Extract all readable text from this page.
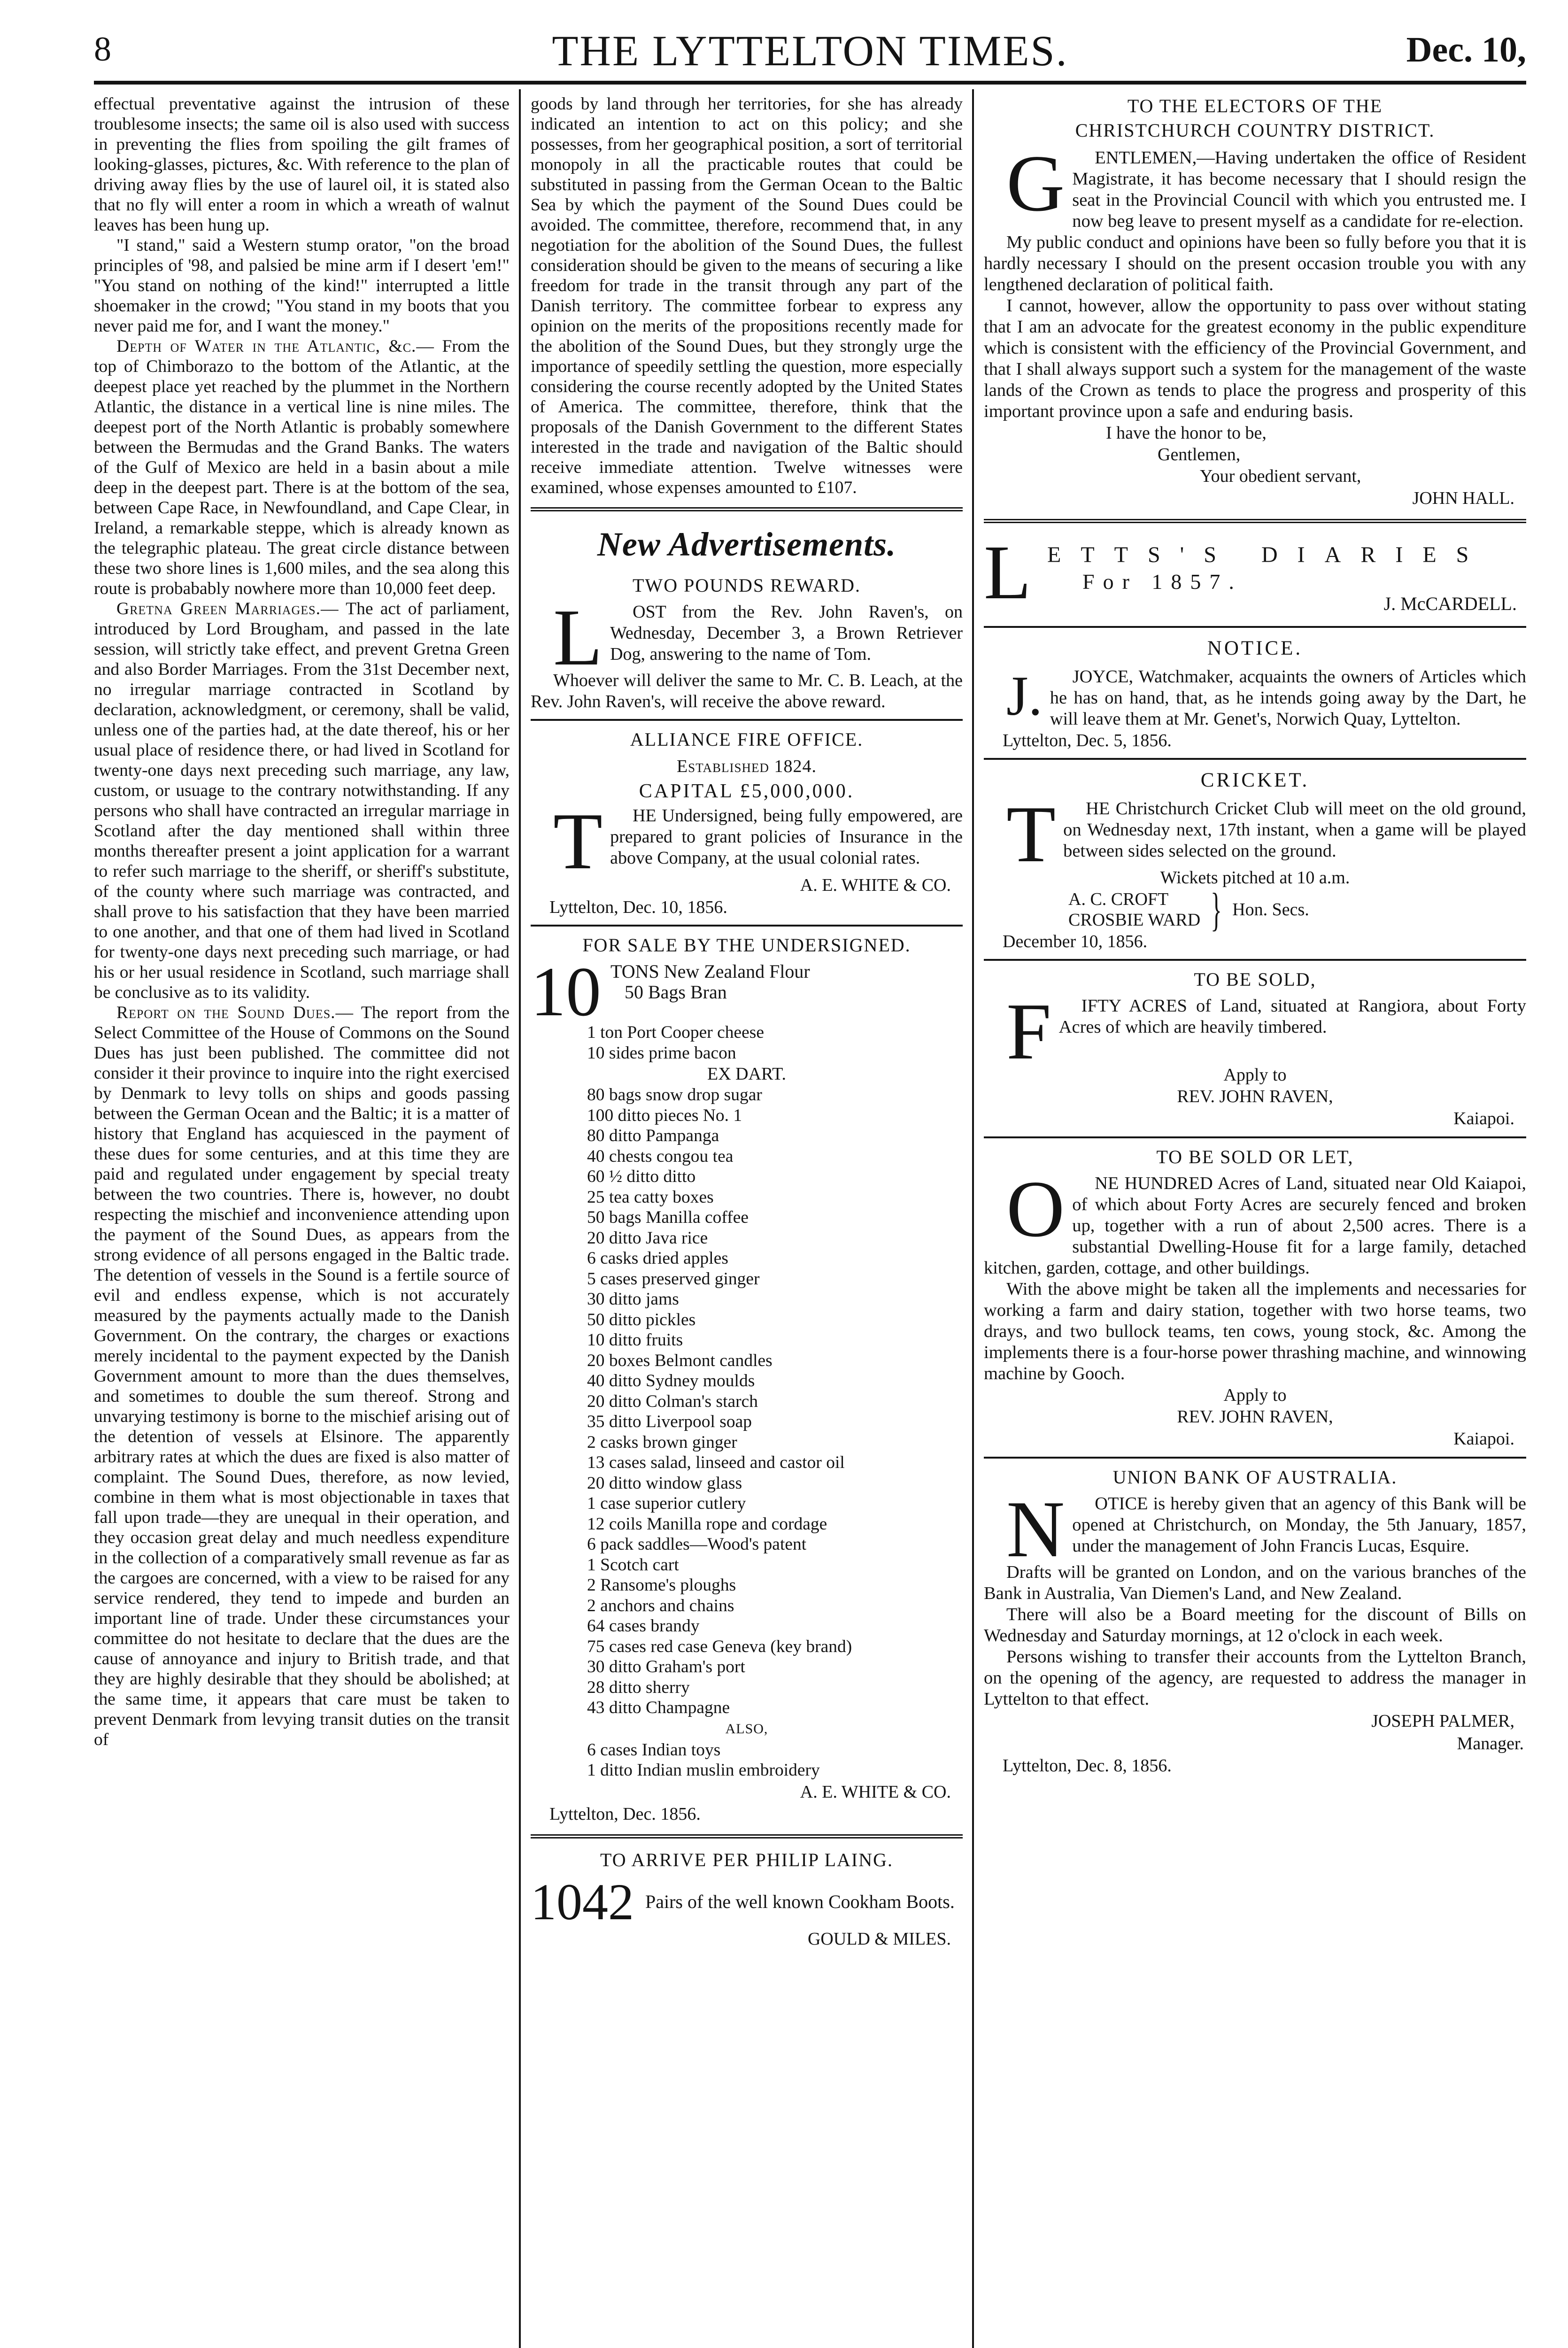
8	THE LYTTELTON TIMES.	Dec. 10,

effectual preventative against the intrusion of these troublesome insects; the same oil is also used with success in preventing the flies from spoiling the gilt frames of looking-glasses, pictures, &c. With reference to the plan of driving away flies by the use of laurel oil, it is stated also that no fly will enter a room in which a wreath of walnut leaves has been hung up.

"I stand," said a Western stump orator, "on the broad principles of '98, and palsied be mine arm if I desert 'em!" "You stand on nothing of the kind!" interrupted a little shoemaker in the crowd; "You stand in my boots that you never paid me for, and I want the money."

Depth of Water in the Atlantic, &c.— From the top of Chimborazo to the bottom of the Atlantic, at the deepest place yet reached by the plummet in the Northern Atlantic, the distance in a vertical line is nine miles. The deepest port of the North Atlantic is probably somewhere between the Bermudas and the Grand Banks. The waters of the Gulf of Mexico are held in a basin about a mile deep in the deepest part. There is at the bottom of the sea, between Cape Race, in Newfoundland, and Cape Clear, in Ireland, a remarkable steppe, which is already known as the telegraphic plateau. The great circle distance between these two shore lines is 1,600 miles, and the sea along this route is probabably nowhere more than 10,000 feet deep.

Gretna Green Marriages.— The act of parliament, introduced by Lord Brougham, and passed in the late session, will strictly take effect, and prevent Gretna Green and also Border Marriages. From the 31st December next, no irregular marriage contracted in Scotland by declaration, acknowledgment, or ceremony, shall be valid, unless one of the parties had, at the date thereof, his or her usual place of residence there, or had lived in Scotland for twenty-one days next preceding such marriage, any law, custom, or usuage to the contrary notwithstanding. If any persons who shall have contracted an irregular marriage in Scotland after the day mentioned shall within three months thereafter present a joint application for a warrant to refer such marriage to the sheriff, or sheriff's substitute, of the county where such marriage was contracted, and shall prove to his satisfaction that they have been married to one another, and that one of them had lived in Scotland for twenty-one days next preceding such marriage, or had his or her usual residence in Scotland, such marriage shall be conclusive as to its validity.

Report on the Sound Dues.— The report from the Select Committee of the House of Commons on the Sound Dues has just been published. The committee did not consider it their province to inquire into the right exercised by Denmark to levy tolls on ships and goods passing between the German Ocean and the Baltic; it is a matter of history that England has acquiesced in the payment of these dues for some centuries, and at this time they are paid and regulated under engagement by special treaty between the two countries. There is, however, no doubt respecting the mischief and inconvenience attending upon the payment of the Sound Dues, as appears from the strong evidence of all persons engaged in the Baltic trade. The detention of vessels in the Sound is a fertile source of evil and endless expense, which is not accurately measured by the payments actually made to the Danish Government. On the contrary, the charges or exactions merely incidental to the payment expected by the Danish Government amount to more than the dues themselves, and sometimes to double the sum thereof. Strong and unvarying testimony is borne to the mischief arising out of the detention of vessels at Elsinore. The apparently arbitrary rates at which the dues are fixed is also matter of complaint. The Sound Dues, therefore, as now levied, combine in them what is most objectionable in taxes that fall upon trade—they are unequal in their operation, and they occasion great delay and much needless expenditure in the collection of a comparatively small revenue as far as the cargoes are concerned, with a view to be raised for any service rendered, they tend to impede and burden an important line of trade. Under these circumstances your committee do not hesitate to declare that the dues are the cause of annoyance and injury to British trade, and that they are highly desirable that they should be abolished; at the same time, it appears that care must be taken to prevent Denmark from levying transit duties on the transit of

goods by land through her territories, for she has already indicated an intention to act on this policy; and she possesses, from her geographical position, a sort of territorial monopoly in all the practicable routes that could be substituted in passing from the German Ocean to the Baltic Sea by which the payment of the Sound Dues could be avoided. The committee, therefore, recommend that, in any negotiation for the abolition of the Sound Dues, the fullest consideration should be given to the means of securing a like freedom for trade in the transit through any part of the Danish territory. The committee forbear to express any opinion on the merits of the propositions recently made for the abolition of the Sound Dues, but they strongly urge the importance of speedily settling the question, more especially considering the course recently adopted by the United States of America. The committee, therefore, think that the proposals of the Danish Government to the different States interested in the trade and navigation of the Baltic should receive immediate attention. Twelve witnesses were examined, whose expenses amounted to £107.

New Advertisements.
TWO POUNDS REWARD.

L OST from the Rev. John Raven's, on Wednesday, December 3, a Brown Retriever Dog, answering to the name of Tom.

Whoever will deliver the same to Mr. C. B. Leach, at the Rev. John Raven's, will receive the above reward.

ALLIANCE FIRE OFFICE.
Established 1824.
CAPITAL £5,000,000.

T HE Undersigned, being fully empowered, are prepared to grant policies of Insurance in the above Company, at the usual colonial rates.

A. E. WHITE & CO.
Lyttelton, Dec. 10, 1856.
FOR SALE BY THE UNDERSIGNED.
10 TONS New Zealand Flour
50 Bags Bran
1 ton Port Cooper cheese
10 sides prime bacon
EX DART.
80 bags snow drop sugar
100 ditto pieces No. 1
80 ditto Pampanga
40 chests congou tea
60 ½ ditto ditto
25 tea catty boxes
50 bags Manilla coffee
20 ditto Java rice
6 casks dried apples
5 cases preserved ginger
30 ditto jams
50 ditto pickles
10 ditto fruits
20 boxes Belmont candles
40 ditto Sydney moulds
20 ditto Colman's starch
35 ditto Liverpool soap
2 casks brown ginger
13 cases salad, linseed and castor oil
20 ditto window glass
1 case superior cutlery
12 coils Manilla rope and cordage
6 pack saddles—Wood's patent
1 Scotch cart
2 Ransome's ploughs
2 anchors and chains
64 cases brandy
75 cases red case Geneva (key brand)
30 ditto Graham's port
28 ditto sherry
43 ditto Champagne
ALSO,
6 cases Indian toys
1 ditto Indian muslin embroidery
A. E. WHITE & CO.
Lyttelton, Dec. 1856.
TO ARRIVE PER PHILIP LAING.
1042 Pairs of the well known Cookham Boots.
GOULD & MILES.
TO THE ELECTORS OF THE
CHRISTCHURCH COUNTRY DISTRICT.

G ENTLEMEN,—Having undertaken the office of Resident Magistrate, it has become necessary that I should resign the seat in the Provincial Council with which you entrusted me. I now beg leave to present myself as a candidate for re-election.

My public conduct and opinions have been so fully before you that it is hardly necessary I should on the present occasion trouble you with any lengthened declaration of political faith.

I cannot, however, allow the opportunity to pass over without stating that I am an advocate for the greatest economy in the public expenditure which is consistent with the efficiency of the Provincial Government, and that I shall always support such a system for the management of the waste lands of the Crown as tends to place the progress and prosperity of this important province upon a safe and enduring basis.

I have the honor to be,
Gentlemen,
Your obedient servant,
JOHN HALL.
L ETTS'S DIARIES
For 1857.
J. McCARDELL.
NOTICE.

J. JOYCE, Watchmaker, acquaints the owners of Articles which he has on hand, that, as he intends going away by the Dart, he will leave them at Mr. Genet's, Norwich Quay, Lyttelton.

Lyttelton, Dec. 5, 1856.
CRICKET.

T HE Christchurch Cricket Club will meet on the old ground, on Wednesday next, 17th instant, when a game will be played between sides selected on the ground.

Wickets pitched at 10 a.m.
A. C. CROFT
CROSBIE WARD } Hon. Secs.
December 10, 1856.
TO BE SOLD,

F IFTY ACRES of Land, situated at Rangiora, about Forty Acres of which are heavily timbered.

Apply to
REV. JOHN RAVEN,
Kaiapoi.
TO BE SOLD OR LET,

O NE HUNDRED Acres of Land, situated near Old Kaiapoi, of which about Forty Acres are securely fenced and broken up, together with a run of about 2,500 acres. There is a substantial Dwelling-House fit for a large family, detached kitchen, garden, cottage, and other buildings.

With the above might be taken all the implements and necessaries for working a farm and dairy station, together with two horse teams, two drays, and two bullock teams, ten cows, young stock, &c. Among the implements there is a four-horse power thrashing machine, and winnowing machine by Gooch.

Apply to
REV. JOHN RAVEN,
Kaiapoi.
UNION BANK OF AUSTRALIA.

N OTICE is hereby given that an agency of this Bank will be opened at Christchurch, on Monday, the 5th January, 1857, under the management of John Francis Lucas, Esquire.

Drafts will be granted on London, and on the various branches of the Bank in Australia, Van Diemen's Land, and New Zealand.

There will also be a Board meeting for the discount of Bills on Wednesday and Saturday mornings, at 12 o'clock in each week.

Persons wishing to transfer their accounts from the Lyttelton Branch, on the opening of the agency, are requested to address the manager in Lyttelton to that effect.

JOSEPH PALMER,
Manager.
Lyttelton, Dec. 8, 1856.
